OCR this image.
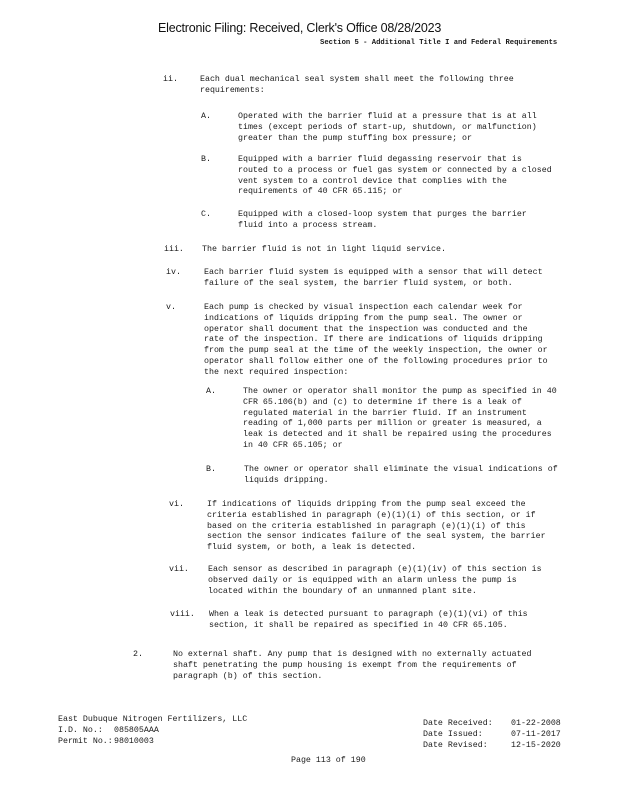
Electronic Filing: Received, Clerk's Office 08/28/2023
Section 5 - Additional Title I and Federal Requirements
ii.	Each dual mechanical seal system shall meet the following three

requirements:

A.	Operated with the barrier fluid at a pressure that is at all

times (except periods of start-up, shutdown, or malfunction)

greater than the pump stuffing box pressure; or

B.	Equipped with a barrier fluid degassing reservoir that is

routed to a process or fuel gas system or connected by a closed

vent system to a control device that complies with the

requirements of 40 CFR 65.115; or

C.	Equipped with a closed-loop system that purges the barrier

fluid into a process stream.

iii. The barrier fluid is not in light liquid service.

iv.	Each barrier fluid system is equipped with a sensor that will detect

failure of the seal system, the barrier fluid system, or both.

v.	Each pump is checked by visual inspection each calendar week for

indications of liquids dripping from the pump seal. The owner or

operator shall document that the inspection was conducted and the

rate of the inspection. If there are indications of liquids dripping

from the pump seal at the time of the weekly inspection, the owner or

operator shall follow either one of the following procedures prior to

the next required inspection:

A.	The owner or operator shall monitor the pump as specified in 40

CFR 65.106(b) and (c) to determine if there is a leak of

regulated material in the barrier fluid. If an instrument

reading of 1,000 parts per million or greater is measured, a

leak is detected and it shall be repaired using the procedures

in 40 CFR 65.105; or

B.	The owner or operator shall eliminate the visual indications of

liquids dripping.

vi.	If indications of liquids dripping from the pump seal exceed the

criteria established in paragraph (e)(1)(i) of this section, or if

based on the criteria established in paragraph (e)(1)(i) of this

section the sensor indicates failure of the seal system, the barrier

fluid system, or both, a leak is detected.

vii. Each sensor as described in paragraph (e)(1)(iv) of this section is

observed daily or is equipped with an alarm unless the pump is

located within the boundary of an unmanned plant site.

viii. When a leak is detected pursuant to paragraph (e)(1)(vi) of this

section, it shall be repaired as specified in 40 CFR 65.105.

2.	No external shaft. Any pump that is designed with no externally actuated

shaft penetrating the pump housing is exempt from the requirements of

paragraph (b) of this section.

East Dubuque Nitrogen Fertilizers, LLC

I.D. No.: 085805AAA

Permit No.:98010003

Date Received: 01-22-2008

Date Issued:	07-11-2017

Date Revised:	12-15-2020

Page 113 of 190
